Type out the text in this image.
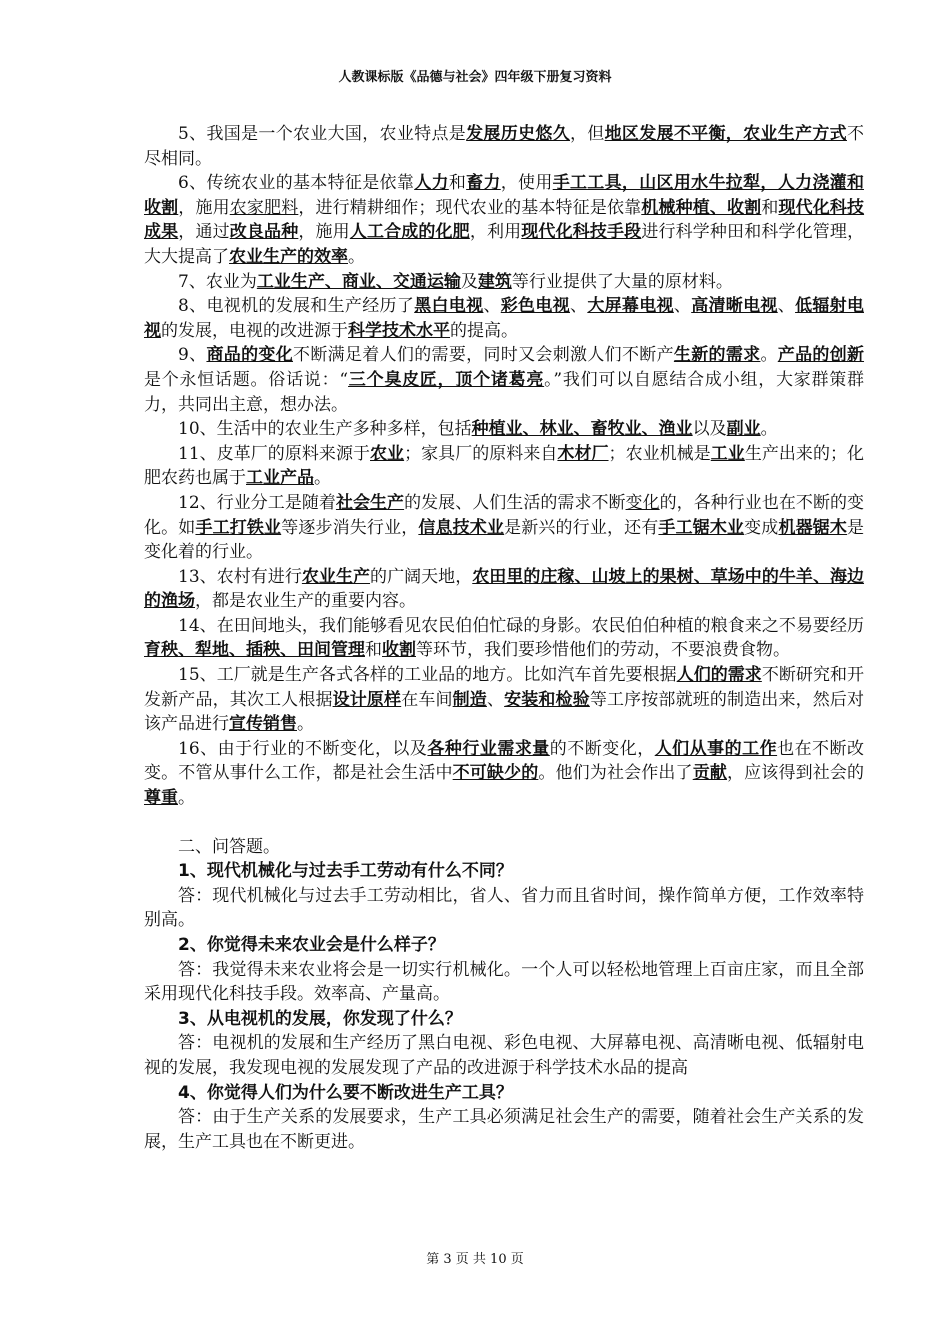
人教课标版《品德与社会》四年级下册复习资料

5、我国是一个农业大国，农业特点是发展历史悠久，但地区发展不平衡，农业生产方式不尽相同。

6、传统农业的基本特征是依靠人力和畜力，使用手工工具，山区用水牛拉犁，人力浇灌和收割，施用农家肥料，进行精耕细作；现代农业的基本特征是依靠机械种植、收割和现代化科技成果，通过改良品种，施用人工合成的化肥，利用现代化科技手段进行科学种田和科学化管理，大大提高了农业生产的效率。

7、农业为工业生产、商业、交通运输及建筑等行业提供了大量的原材料。

8、电视机的发展和生产经历了黑白电视、彩色电视、大屏幕电视、高清晰电视、低辐射电视的发展，电视的改进源于科学技术水平的提高。

9、商品的变化不断满足着人们的需要，同时又会刺激人们不断产生新的需求。产品的创新是个永恒话题。俗话说：“三个臭皮匠，顶个诸葛亮。”我们可以自愿结合成小组，大家群策群力，共同出主意，想办法。

10、生活中的农业生产多种多样，包括种植业、林业、畜牧业、渔业以及副业。

11、皮革厂的原料来源于农业；家具厂的原料来自木材厂；农业机械是工业生产出来的；化肥农药也属于工业产品。

12、行业分工是随着社会生产的发展、人们生活的需求不断变化的，各种行业也在不断的变化。如手工打铁业等逐步消失行业，信息技术业是新兴的行业，还有手工锯木业变成机器锯木是变化着的行业。

13、农村有进行农业生产的广阔天地，农田里的庄稼、山坡上的果树、草场中的牛羊、海边的渔场，都是农业生产的重要内容。

14、在田间地头，我们能够看见农民伯伯忙碌的身影。农民伯伯种植的粮食来之不易要经历育秧、犁地、插秧、田间管理和收割等环节，我们要珍惜他们的劳动，不要浪费食物。

15、工厂就是生产各式各样的工业品的地方。比如汽车首先要根据人们的需求不断研究和开发新产品，其次工人根据设计原样在车间制造、安装和检验等工序按部就班的制造出来，然后对该产品进行宣传销售。

16、由于行业的不断变化，以及各种行业需求量的不断变化，人们从事的工作也在不断改变。不管从事什么工作，都是社会生活中不可缺少的。他们为社会作出了贡献，应该得到社会的尊重。

二、问答题。

1、现代机械化与过去手工劳动有什么不同？

答：现代机械化与过去手工劳动相比，省人、省力而且省时间，操作简单方便，工作效率特别高。

2、你觉得未来农业会是什么样子？

答：我觉得未来农业将会是一切实行机械化。一个人可以轻松地管理上百亩庄家，而且全部采用现代化科技手段。效率高、产量高。

3、从电视机的发展，你发现了什么？

答：电视机的发展和生产经历了黑白电视、彩色电视、大屏幕电视、高清晰电视、低辐射电视的发展，我发现电视的发展发现了产品的改进源于科学技术水品的提高

4、你觉得人们为什么要不断改进生产工具？

答：由于生产关系的发展要求，生产工具必须满足社会生产的需要，随着社会生产关系的发展，生产工具也在不断更进。

第 3 页 共 10 页
